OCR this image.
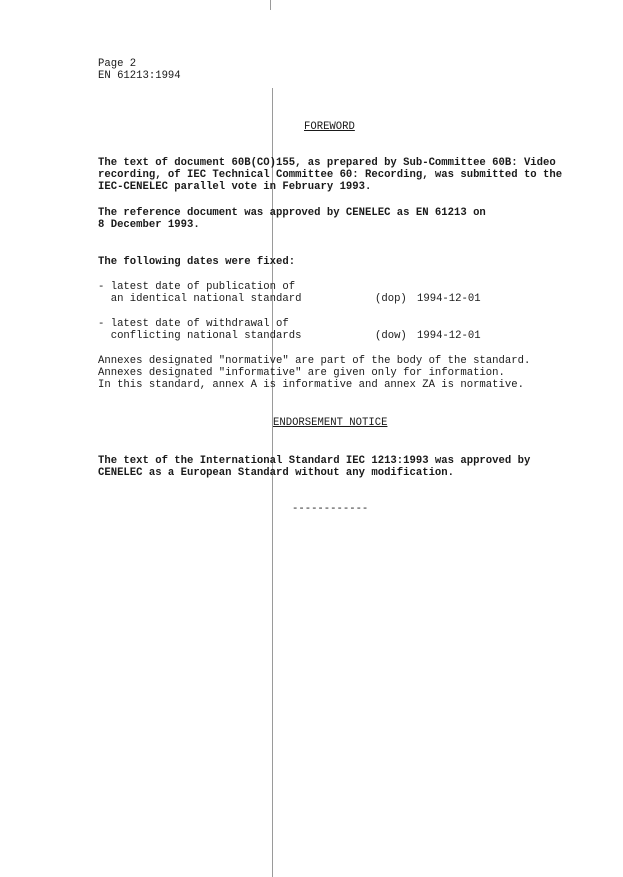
Page 2
EN 61213:1994
FOREWORD
The text of document 60B(CO)155, as prepared by Sub-Committee 60B: Video
recording, of IEC Technical Committee 60: Recording, was submitted to the
IEC-CENELEC parallel vote in February 1993.
The reference document was approved by CENELEC as EN 61213 on
8 December 1993.
The following dates were fixed:
- latest date of publication of
an identical national standard	(dop) 1994-12-01
- latest date of withdrawal of
conflicting national standards	(dow) 1994-12-01
Annexes designated "normative" are part of the body of the standard.
Annexes designated "informative" are given only for information.
In this standard, annex A is informative and annex ZA is normative.
ENDORSEMENT NOTICE
The text of the International Standard IEC 1213:1993 was approved by
CENELEC as a European Standard without any modification.
------------
